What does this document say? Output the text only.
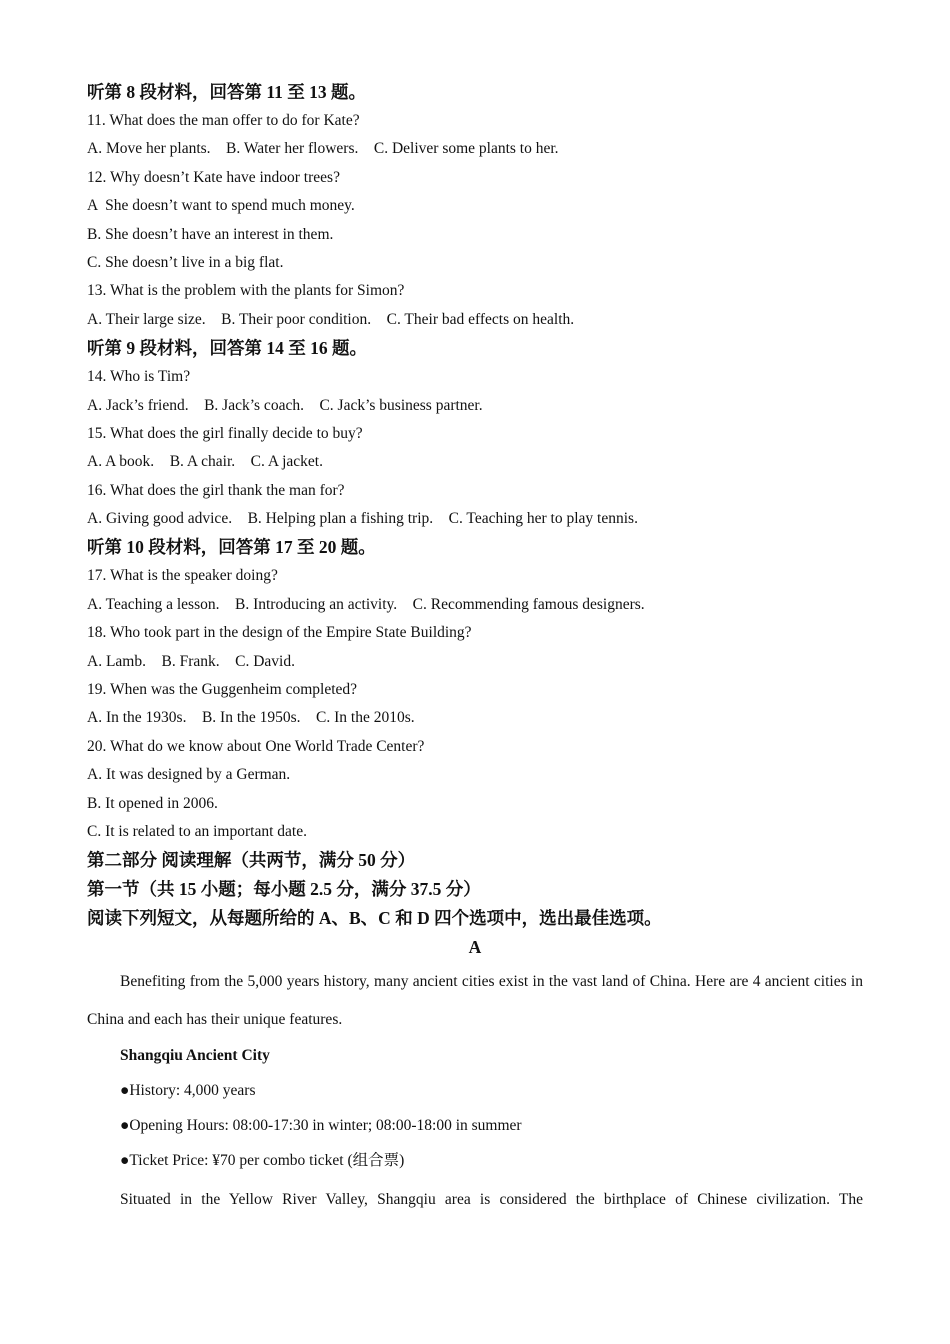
听第 8 段材料，回答第 11 至 13 题。
11. What does the man offer to do for Kate?
A. Move her plants. B. Water her flowers. C. Deliver some plants to her.
12. Why doesn’t Kate have indoor trees?
A  She doesn’t want to spend much money.
B. She doesn’t have an interest in them.
C. She doesn’t live in a big flat.
13. What is the problem with the plants for Simon?
A. Their large size. B. Their poor condition. C. Their bad effects on health.
听第 9 段材料，回答第 14 至 16 题。
14. Who is Tim?
A. Jack’s friend. B. Jack’s coach. C. Jack’s business partner.
15. What does the girl finally decide to buy?
A. A book. B. A chair. C. A jacket.
16. What does the girl thank the man for?
A. Giving good advice. B. Helping plan a fishing trip. C. Teaching her to play tennis.
听第 10 段材料，回答第 17 至 20 题。
17. What is the speaker doing?
A. Teaching a lesson. B. Introducing an activity. C. Recommending famous designers.
18. Who took part in the design of the Empire State Building?
A. Lamb. B. Frank. C. David.
19. When was the Guggenheim completed?
A. In the 1930s. B. In the 1950s. C. In the 2010s.
20. What do we know about One World Trade Center?
A. It was designed by a German.
B. It opened in 2006.
C. It is related to an important date.
第二部分 阅读理解（共两节，满分 50 分）
第一节（共 15 小题；每小题 2.5 分，满分 37.5 分）
阅读下列短文，从每题所给的 A、B、C 和 D 四个选项中，选出最佳选项。
A
Benefiting from the 5,000 years history, many ancient cities exist in the vast land of China. Here are 4 ancient cities in China and each has their unique features.
Shangqiu Ancient City
●History: 4,000 years
●Opening Hours: 08:00-17:30 in winter; 08:00-18:00 in summer
●Ticket Price: ¥70 per combo ticket (组合票)
Situated in the Yellow River Valley, Shangqiu area is considered the birthplace of Chinese civilization. The
